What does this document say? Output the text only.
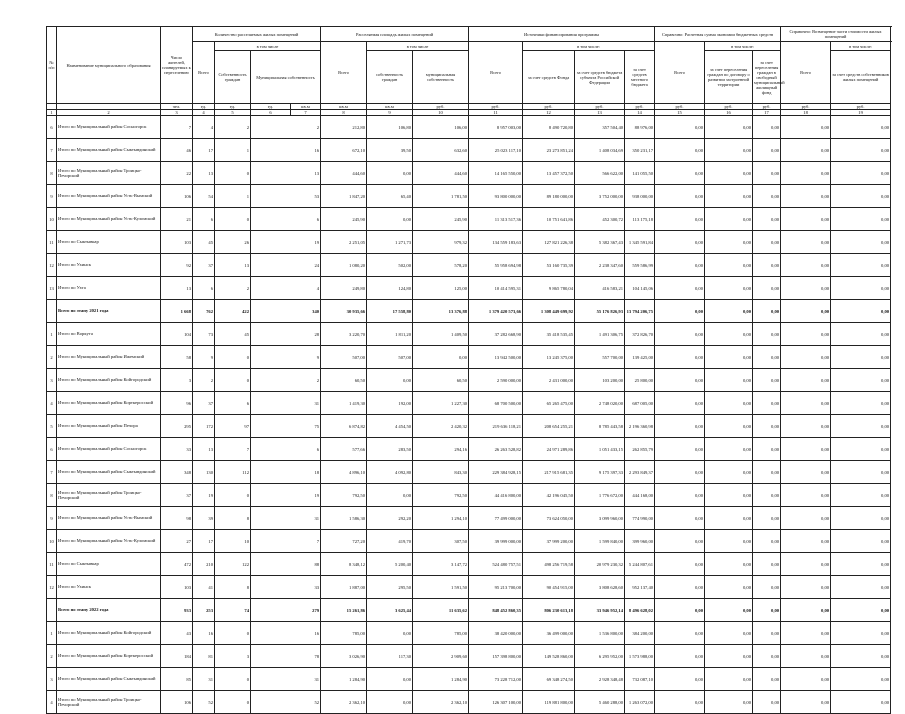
№ п/п	Наименование муниципального образования	Число жителей, планируемых к переселению	Количество расселяемых жилых помещений				Расселяемая площадь жилых помещений			Источники финансирования программы				Справочно: Расчетная сумма экономии бюджетных средств			Справочно: Возмещение части стоимости жилых помещений		
			Всего	в том числе			Всего	в том числе		Всего	в том числе:			Всего	в том числе:		Всего	в том числе:	
				Собственность граждан	Муниципальная собственность			собственность граждан	муниципальная собственность		за счет средств Фонда	за счет средств бюджета субъекта Российской Федерации	за счет средств местного бюджета		за счет переселения граждан по договору о развитии застроенной территории	за счет переселения граждан в свободный муниципальный жилищный фонд		за счет средств собственников жилых помещений	
		чел.	ед.	ед.	ед.	кв.м	кв.м	кв.м	руб.	руб.	руб.	руб.	руб.	руб.	руб.	руб.	руб.	руб.	
1	2	3	4	5	6	7	8	9	10	11	12	13	14	15	16	17	18	19	
6	Итого по Муниципальный район Сосногорск	7	4	2	2		212,80	106,80	106,00	8 957 003,00	8 490 720,80	357 504,40	88 976,00	0,00	0,00	0,00	0,00	0,00	
7	Итого по Муниципальный район Сыктывдинский	46	17	1	16		672,10	39,50	632,60	25 023 117,10	23 273 851,24	1 408 034,69	350 231,17	0,00	0,00	0,00	0,00	0,00	
8	Итого по Муниципальный район Троицко-Печорский	22	13	0	13		444,60	0,00	444,60	14 165 550,00	13 457 372,50	566 622,00	141 055,50	0,00	0,00	0,00	0,00	0,00	
9	Итого по Муниципальный район Усть-Вымский	106	54	1	53		1 847,20	65,40	1 781,50	93 800 000,00	89 180 000,00	3 752 000,00	938 000,00	0,00	0,00	0,00	0,00	0,00	
10	Итого по Муниципальный район Усть-Куломский	21	6	0	6		245,90	0,00	245,90	11 313 517,36	10 751 641,86	452 300,72	113 175,18	0,00	0,00	0,00	0,00	0,00	
11	Итого по Сыктывкар	103	45	26	19		2 251,05	1 271,73	979,32	134 559 183,63	127 821 226,38	5 382 367,43	1 345 591,84	0,00	0,00	0,00	0,00	0,00	
12	Итого по Ухинск	92	37	13	24		1 080,20	502,00	578,20	55 958 694,98	53 160 735,39	2 238 347,60	559 586,99	0,00	0,00	0,00	0,00	0,00	
13	Итого по Ухта	13	6	2	4		249,80	124,80	125,00	10 414 595,31	9 865 780,04	416 583,21	104 145,06	0,00	0,00	0,00	0,00	0,00	
	Всего по этапу 2021 года	1 668	762	422	340		30 935,66	17 558,80	13 376,88	1 379 420 573,66	1 308 449 699,92	55 176 826,93	13 794 206,75	0,00	0,00	0,00	0,00	0,00	
1	Итого по Воркута	104	73	45	28		3 220,70	1 811,20	1 409,50	37 282 668,90	35 418 535,45	1 491 306,75	372 826,70	0,00	0,00	0,00	0,00	0,00	
2	Итого по Муниципальный район Ижемский	58	9	0	9		507,00	507,00	0,00	13 942 500,00	13 245 375,00	557 700,00	139 425,00	0,00	0,00	0,00	0,00	0,00	
3	Итого по Муниципальный район Койгородский	3	2	0	2		60,50	0,00	60,50	2 590 000,00	2 431 000,00	103 200,00	25 800,00	0,00	0,00	0,00	0,00	0,00	
4	Итого по Муниципальный район Корткеросский	96	37	6	31		1 419,30	192,00	1 227,30	68 700 500,00	65 265 475,00	2 748 020,00	687 005,00	0,00	0,00	0,00	0,00	0,00	
5	Итого по Муниципальный район Печора	295	172	97	75		6 874,82	4 454,50	2 420,32	219 636 118,21	208 654 255,21	8 785 443,58	2 196 360,98	0,00	0,00	0,00	0,00	0,00	
6	Итого по Муниципальный район Сосногорск	33	13	7	6		577,66	283,50	294,16	26 263 528,82	24 971 289,86	1 051 433,15	262 855,79	0,00	0,00	0,00	0,00	0,00	
7	Итого по Муниципальный район Сыктывдинский	348	130	112	18		4 896,10	4 092,80	843,30	229 384 928,15	217 915 681,35	9 175 397,33	2 293 849,37	0,00	0,00	0,00	0,00	0,00	
8	Итого по Муниципальный район Троицко-Печорский	37	19	0	19		792,50	0,00	792,50	44 416 800,00	42 196 045,50	1 776 672,00	444 168,00	0,00	0,00	0,00	0,00	0,00	
9	Итого по Муниципальный район Усть-Вымский	98	39	8	31		1 586,30	292,20	1 294,10	77 499 000,00	73 624 050,00	3 099 960,00	774 990,00	0,00	0,00	0,00	0,00	0,00	
10	Итого по Муниципальный район Усть-Куломский	27	17	10	7		727,20	419,70	307,50	39 999 000,00	37 999 200,00	1 599 840,00	399 960,00	0,00	0,00	0,00	0,00	0,00	
11	Итого по Сыктывкар	472	210	122	88		8 348,12	5 200,40	3 147,72	524 480 757,51	498 256 719,58	20 979 230,32	5 244 807,61	0,00	0,00	0,00	0,00	0,00	
12	Итого по Ухинск	103	41	8	33		1 887,00	295,50	1 591,50	95 213 700,00	90 454 915,00	3 808 628,60	952 137,40	0,00	0,00	0,00	0,00	0,00	
	Всего по этапу 2022 года	933	253	74	279		15 261,86	3 625,44	11 635,62	848 452 860,35	806 230 613,18	33 946 952,14	8 496 628,02	0,00	0,00	0,00	0,00	0,00	
1	Итого по Муниципальный район Койгородский	43	16	0	16		785,00	0,00	785,00	38 420 000,00	36 499 000,00	1 536 800,00	384 200,00	0,00	0,00	0,00	0,00	0,00	
2	Итого по Муниципальный район Корткеросский	184	81	3	78		3 026,90	117,30	2 909,60	157 398 800,00	149 528 860,00	6 295 952,00	1 573 988,00	0,00	0,00	0,00	0,00	0,00	
3	Итого по Муниципальный район Сыктывдинский	85	31	0	31		1 284,90	0,00	1 284,90	73 228 712,00	69 348 274,50	2 928 348,48	732 087,10	0,00	0,00	0,00	0,00	0,00	
4	Итого по Муниципальный район Троицко-Печорский	106	52	0	52		2 362,10	0,00	2 362,10	126 307 100,00	119 881 800,00	5 460 288,00	1 263 072,00	0,00	0,00	0,00	0,00	0,00	
